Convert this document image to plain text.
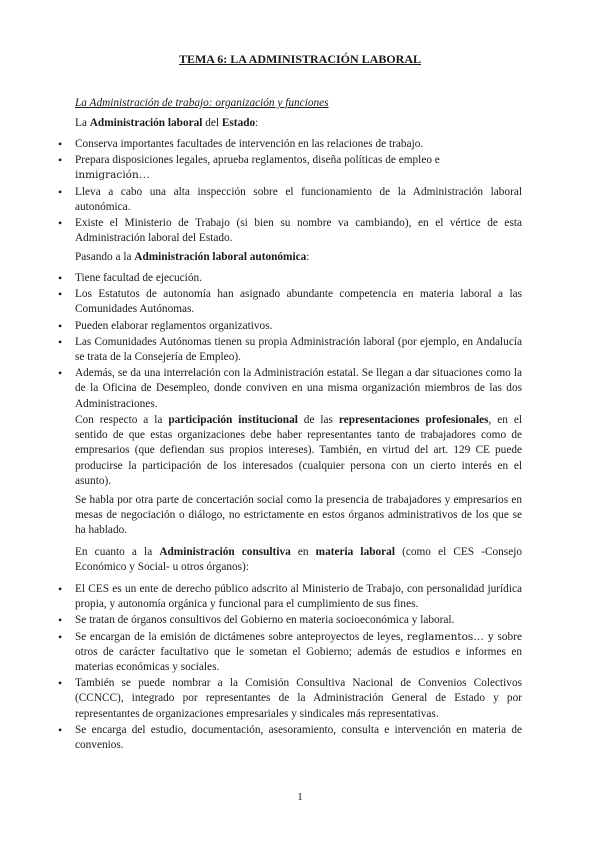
TEMA 6: LA ADMINISTRACIÓN LABORAL

La Administración de trabajo: organización y funciones

La Administración laboral del Estado:

• Conserva importantes facultades de intervención en las relaciones de trabajo.
• Prepara disposiciones legales, aprueba reglamentos, diseña políticas de empleo e
inmigración…
• Lleva a cabo una alta inspección sobre el funcionamiento de la Administración laboral autonómica.
• Existe el Ministerio de Trabajo (si bien su nombre va cambiando), en el vértice de esta Administración laboral del Estado.

Pasando a la Administración laboral autonómica:

• Tiene facultad de ejecución.
• Los Estatutos de autonomía han asignado abundante competencia en materia laboral a las Comunidades Autónomas.
• Pueden elaborar reglamentos organizativos.
• Las Comunidades Autónomas tienen su propia Administración laboral (por ejemplo, en Andalucía se trata de la Consejería de Empleo).
• Además, se da una interrelación con la Administración estatal. Se llegan a dar situaciones como la de la Oficina de Desempleo, donde conviven en una misma organización miembros de las dos Administraciones.

Con respecto a la participación institucional de las representaciones profesionales, en el sentido de que estas organizaciones debe haber representantes tanto de trabajadores como de empresarios (que defiendan sus propios intereses). También, en virtud del art. 129 CE puede producirse la participación de los interesados (cualquier persona con un cierto interés en el asunto).

Se habla por otra parte de concertación social como la presencia de trabajadores y empresarios en mesas de negociación o diálogo, no estrictamente en estos órganos administrativos de los que se ha hablado.

En cuanto a la Administración consultiva en materia laboral (como el CES -Consejo Económico y Social- u otros órganos):

• El CES es un ente de derecho público adscrito al Ministerio de Trabajo, con personalidad jurídica propia, y autonomía orgánica y funcional para el cumplimiento de sus fines.
• Se tratan de órganos consultivos del Gobierno en materia socioeconómica y laboral.
• Se encargan de la emisión de dictámenes sobre anteproyectos de leyes, reglamentos… y sobre otros de carácter facultativo que le sometan el Gobierno; además de estudios e informes en materias económicas y sociales.
• También se puede nombrar a la Comisión Consultiva Nacional de Convenios Colectivos (CCNCC), integrado por representantes de la Administración General de Estado y por representantes de organizaciones empresariales y sindicales más representativas.
• Se encarga del estudio, documentación, asesoramiento, consulta e intervención en materia de convenios.
1
